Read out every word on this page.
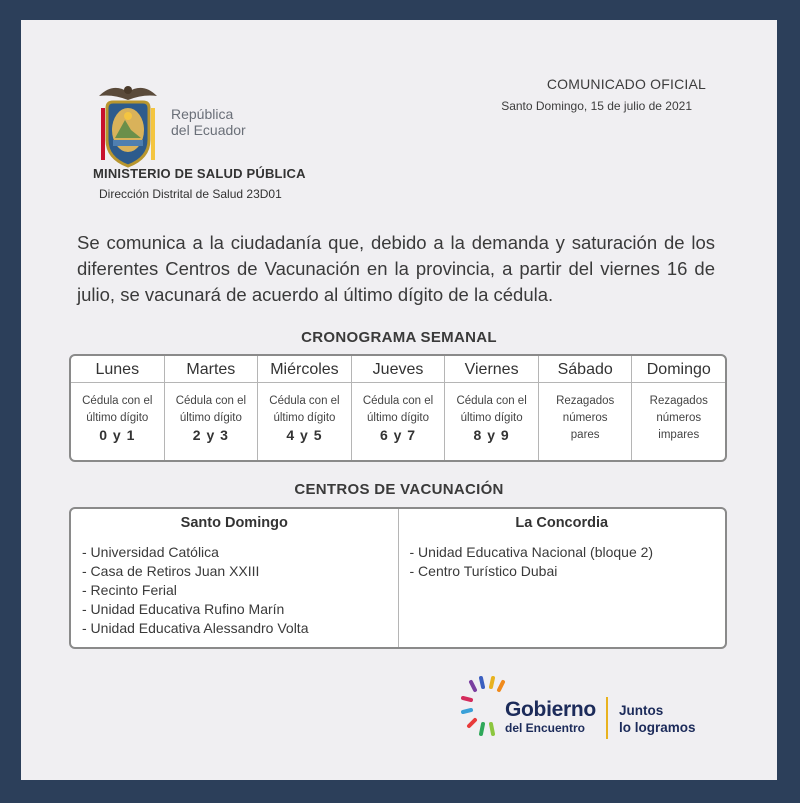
República
del Ecuador
COMUNICADO OFICIAL
Santo Domingo, 15 de julio de 2021
MINISTERIO DE SALUD PÚBLICA
Dirección Distrital de Salud 23D01
Se comunica a la ciudadanía que, debido a la demanda y saturación de los diferentes Centros de Vacunación en la provincia, a partir del viernes 16 de julio, se vacunará de acuerdo al último dígito de la cédula.
CRONOGRAMA SEMANAL
Lunes
Cédula con el
último dígito
0 y 1
Martes
Cédula con el
último dígito
2 y 3
Miércoles
Cédula con el
último dígito
4 y 5
Jueves
Cédula con el
último dígito
6 y 7
Viernes
Cédula con el
último dígito
8 y 9
Sábado
Rezagados
números
pares
Domingo
Rezagados
números
impares
CENTROS DE VACUNACIÓN
Santo Domingo
- Universidad Católica
- Casa de Retiros Juan XXIII
- Recinto Ferial
- Unidad Educativa Rufino Marín
- Unidad Educativa Alessandro Volta
La Concordia
- Unidad Educativa Nacional (bloque 2)
- Centro Turístico Dubai
Gobierno
del Encuentro
Juntos
lo logramos
